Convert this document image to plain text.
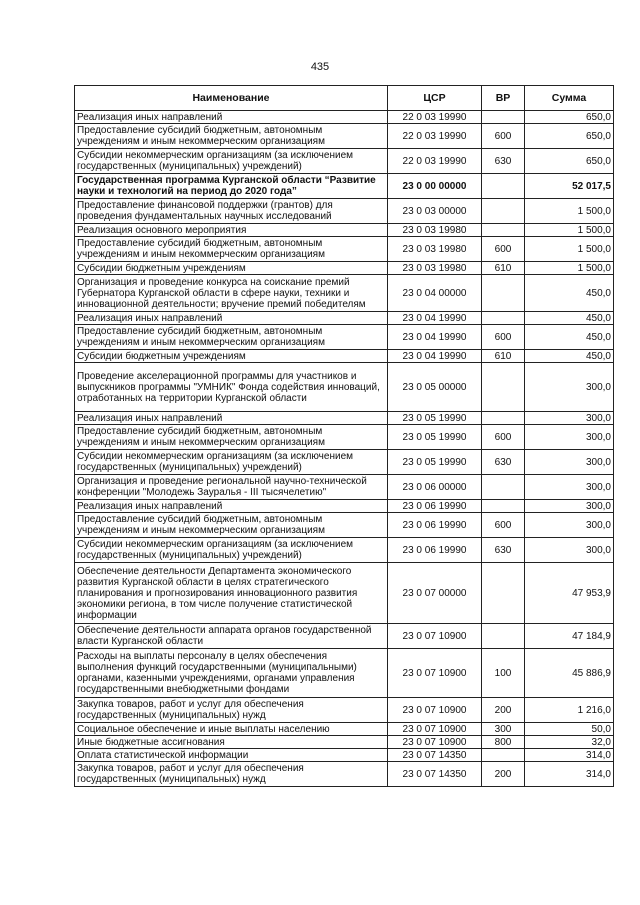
435
Наименование	ЦСР	ВР	Сумма
Реализация иных направлений	22 0 03 19990		650,0
Предоставление субсидий бюджетным, автономным учреждениям и иным некоммерческим организациям	22 0 03 19990	600	650,0
Субсидии некоммерческим организациям (за исключением государственных (муниципальных) учреждений)	22 0 03 19990	630	650,0
Государственная программа Курганской области “Развитие науки и технологий на период до 2020 года”	23 0 00 00000		52 017,5
Предоставление финансовой поддержки (грантов) для проведения фундаментальных научных исследований	23 0 03 00000		1 500,0
Реализация основного мероприятия	23 0 03 19980		1 500,0
Предоставление субсидий бюджетным, автономным учреждениям и иным некоммерческим организациям	23 0 03 19980	600	1 500,0
Субсидии бюджетным учреждениям	23 0 03 19980	610	1 500,0
Организация и проведение конкурса на соискание премий Губернатора Курганской области в сфере науки, техники и инновационной деятельности; вручение премий победителям	23 0 04 00000		450,0
Реализация иных направлений	23 0 04 19990		450,0
Предоставление субсидий бюджетным, автономным учреждениям и иным некоммерческим организациям	23 0 04 19990	600	450,0
Субсидии бюджетным учреждениям	23 0 04 19990	610	450,0
Проведение акселерационной программы для участников и выпускников программы "УМНИК" Фонда содействия инноваций, отработанных на территории Курганской области	23 0 05 00000		300,0
Реализация иных направлений	23 0 05 19990		300,0
Предоставление субсидий бюджетным, автономным учреждениям и иным некоммерческим организациям	23 0 05 19990	600	300,0
Субсидии некоммерческим организациям (за исключением государственных (муниципальных) учреждений)	23 0 05 19990	630	300,0
Организация и проведение региональной научно-технической конференции "Молодежь Зауралья - III тысячелетию"	23 0 06 00000		300,0
Реализация иных направлений	23 0 06 19990		300,0
Предоставление субсидий бюджетным, автономным учреждениям и иным некоммерческим организациям	23 0 06 19990	600	300,0
Субсидии некоммерческим организациям (за исключением государственных (муниципальных) учреждений)	23 0 06 19990	630	300,0
Обеспечение деятельности Департамента экономического развития Курганской области в целях стратегического планирования и прогнозирования инновационного развития экономики региона, в том числе получение статистической информации	23 0 07 00000		47 953,9
Обеспечение деятельности аппарата органов государственной власти Курганской области	23 0 07 10900		47 184,9
Расходы на выплаты персоналу в целях обеспечения выполнения функций государственными (муниципальными) органами, казенными учреждениями, органами управления государственными внебюджетными фондами	23 0 07 10900	100	45 886,9
Закупка товаров, работ и услуг для обеспечения государственных (муниципальных) нужд	23 0 07 10900	200	1 216,0
Социальное обеспечение и иные выплаты населению	23 0 07 10900	300	50,0
Иные бюджетные ассигнования	23 0 07 10900	800	32,0
Оплата статистической информации	23 0 07 14350		314,0
Закупка товаров, работ и услуг для обеспечения государственных (муниципальных) нужд	23 0 07 14350	200	314,0
